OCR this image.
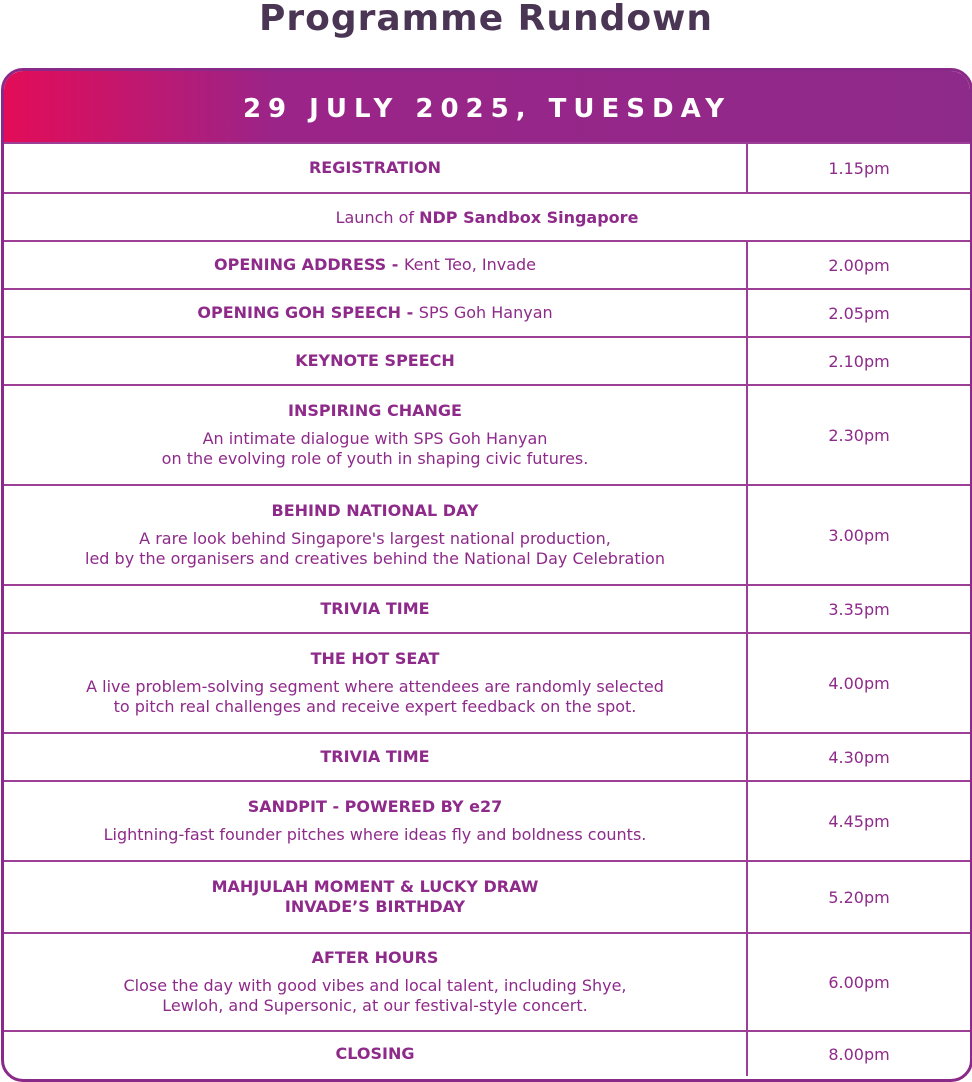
Programme Rundown
29 JULY 2025, TUESDAY
REGISTRATION	1.15pm
Launch of NDP Sandbox Singapore
OPENING ADDRESS - Kent Teo, Invade	2.00pm
OPENING GOH SPEECH - SPS Goh Hanyan	2.05pm
KEYNOTE SPEECH	2.10pm
INSPIRING CHANGE
An intimate dialogue with SPS Goh Hanyan
on the evolving role of youth in shaping civic futures.
2.30pm
BEHIND NATIONAL DAY
A rare look behind Singapore's largest national production,
led by the organisers and creatives behind the National Day Celebration
3.00pm
TRIVIA TIME	3.35pm
THE HOT SEAT
A live problem-solving segment where attendees are randomly selected
to pitch real challenges and receive expert feedback on the spot.
4.00pm
TRIVIA TIME	4.30pm
SANDPIT - POWERED BY e27
Lightning-fast founder pitches where ideas fly and boldness counts.
4.45pm
MAHJULAH MOMENT & LUCKY DRAW
INVADE’S BIRTHDAY	5.20pm
AFTER HOURS
Close the day with good vibes and local talent, including Shye,
Lewloh, and Supersonic, at our festival-style concert.
6.00pm
CLOSING	8.00pm
